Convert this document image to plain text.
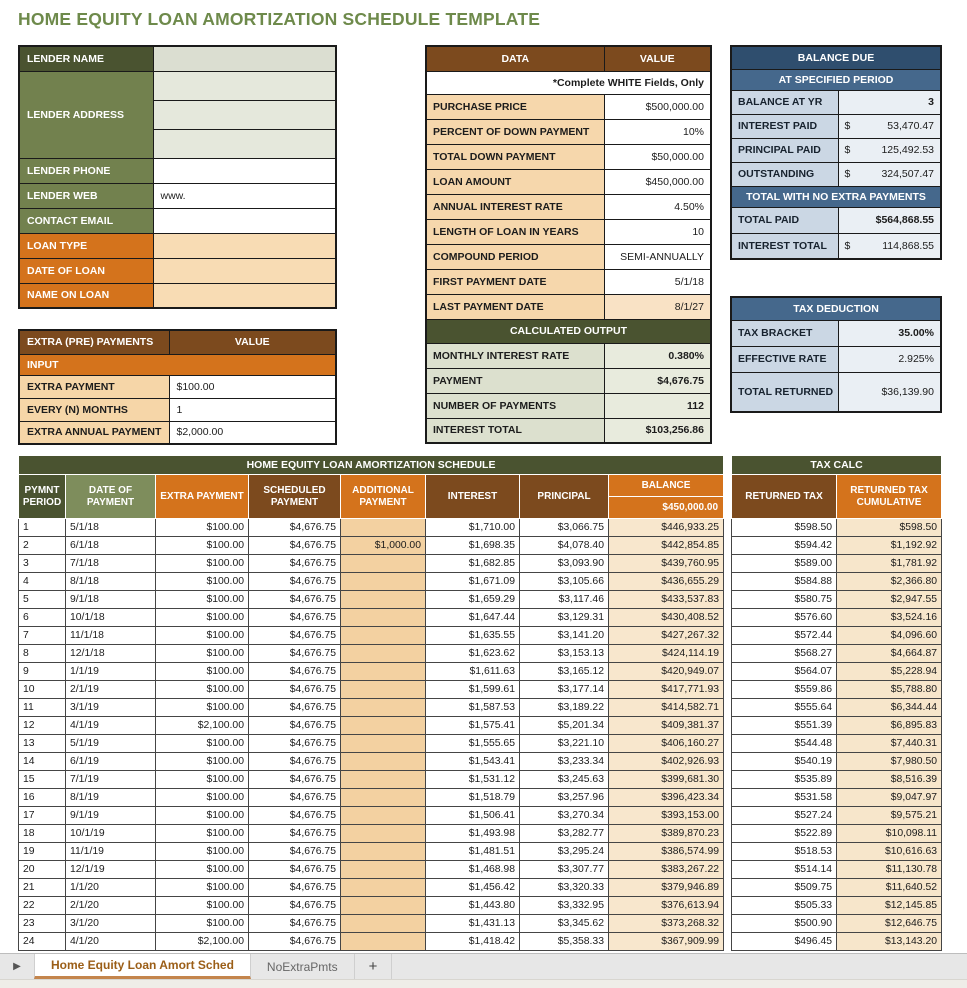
HOME EQUITY LOAN AMORTIZATION SCHEDULE TEMPLATE
LENDER NAME	
LENDER ADDRESS	

LENDER PHONE	
LENDER WEB	www.
CONTACT EMAIL	
LOAN TYPE	
DATE OF LOAN	
NAME ON LOAN	
EXTRA (PRE) PAYMENTS	VALUE
INPUT	
EXTRA PAYMENT	$100.00
EVERY (N) MONTHS	1
EXTRA ANNUAL PAYMENT	$2,000.00
DATA	VALUE
*Complete WHITE Fields, Only	
PURCHASE PRICE	$500,000.00
PERCENT OF DOWN PAYMENT	10%
TOTAL DOWN PAYMENT	$50,000.00
LOAN AMOUNT	$450,000.00
ANNUAL INTEREST RATE	4.50%
LENGTH OF LOAN IN YEARS	10
COMPOUND PERIOD	SEMI-ANNUALLY
FIRST PAYMENT DATE	5/1/18
LAST PAYMENT DATE	8/1/27
CALCULATED OUTPUT	
MONTHLY INTEREST RATE	0.380%
PAYMENT	$4,676.75
NUMBER OF PAYMENTS	112
INTEREST TOTAL	$103,256.86
BALANCE DUE	
AT SPECIFIED PERIOD	
BALANCE AT YR	3
INTEREST PAID	$ 53,470.47

PRINCIPAL PAID	$ 125,492.53

OUTSTANDING	$ 324,507.47

TOTAL WITH NO EXTRA PAYMENTS	
TOTAL PAID	$564,868.55
INTEREST TOTAL	$ 114,868.55
TAX DEDUCTION	
TAX BRACKET	35.00%
EFFECTIVE RATE	2.925%
TOTAL RETURNED	$36,139.90
HOME EQUITY LOAN AMORTIZATION SCHEDULE							
PYMNT PERIOD	DATE OF PAYMENT	EXTRA PAYMENT	SCHEDULED PAYMENT	ADDITIONAL PAYMENT	INTEREST	PRINCIPAL	BALANCE
$450,000.00

1	5/1/18	$100.00	$4,676.75		$1,710.00	$3,066.75	$446,933.25
2	6/1/18	$100.00	$4,676.75	$1,000.00	$1,698.35	$4,078.40	$442,854.85
3	7/1/18	$100.00	$4,676.75		$1,682.85	$3,093.90	$439,760.95
4	8/1/18	$100.00	$4,676.75		$1,671.09	$3,105.66	$436,655.29
5	9/1/18	$100.00	$4,676.75		$1,659.29	$3,117.46	$433,537.83
6	10/1/18	$100.00	$4,676.75		$1,647.44	$3,129.31	$430,408.52
7	11/1/18	$100.00	$4,676.75		$1,635.55	$3,141.20	$427,267.32
8	12/1/18	$100.00	$4,676.75		$1,623.62	$3,153.13	$424,114.19
9	1/1/19	$100.00	$4,676.75		$1,611.63	$3,165.12	$420,949.07
10	2/1/19	$100.00	$4,676.75		$1,599.61	$3,177.14	$417,771.93
11	3/1/19	$100.00	$4,676.75		$1,587.53	$3,189.22	$414,582.71
12	4/1/19	$2,100.00	$4,676.75		$1,575.41	$5,201.34	$409,381.37
13	5/1/19	$100.00	$4,676.75		$1,555.65	$3,221.10	$406,160.27
14	6/1/19	$100.00	$4,676.75		$1,543.41	$3,233.34	$402,926.93
15	7/1/19	$100.00	$4,676.75		$1,531.12	$3,245.63	$399,681.30
16	8/1/19	$100.00	$4,676.75		$1,518.79	$3,257.96	$396,423.34
17	9/1/19	$100.00	$4,676.75		$1,506.41	$3,270.34	$393,153.00
18	10/1/19	$100.00	$4,676.75		$1,493.98	$3,282.77	$389,870.23
19	11/1/19	$100.00	$4,676.75		$1,481.51	$3,295.24	$386,574.99
20	12/1/19	$100.00	$4,676.75		$1,468.98	$3,307.77	$383,267.22
21	1/1/20	$100.00	$4,676.75		$1,456.42	$3,320.33	$379,946.89
22	2/1/20	$100.00	$4,676.75		$1,443.80	$3,332.95	$376,613.94
23	3/1/20	$100.00	$4,676.75		$1,431.13	$3,345.62	$373,268.32
24	4/1/20	$2,100.00	$4,676.75		$1,418.42	$5,358.33	$367,909.99
TAX CALC	
RETURNED TAX	RETURNED TAX CUMULATIVE
$598.50	$598.50
$594.42	$1,192.92
$589.00	$1,781.92
$584.88	$2,366.80
$580.75	$2,947.55
$576.60	$3,524.16
$572.44	$4,096.60
$568.27	$4,664.87
$564.07	$5,228.94
$559.86	$5,788.80
$555.64	$6,344.44
$551.39	$6,895.83
$544.48	$7,440.31
$540.19	$7,980.50
$535.89	$8,516.39
$531.58	$9,047.97
$527.24	$9,575.21
$522.89	$10,098.11
$518.53	$10,616.63
$514.14	$11,130.78
$509.75	$11,640.52
$505.33	$12,145.85
$500.90	$12,646.75
$496.45	$13,143.20
▶	Home Equity Loan Amort Sched	NoExtraPmts +
